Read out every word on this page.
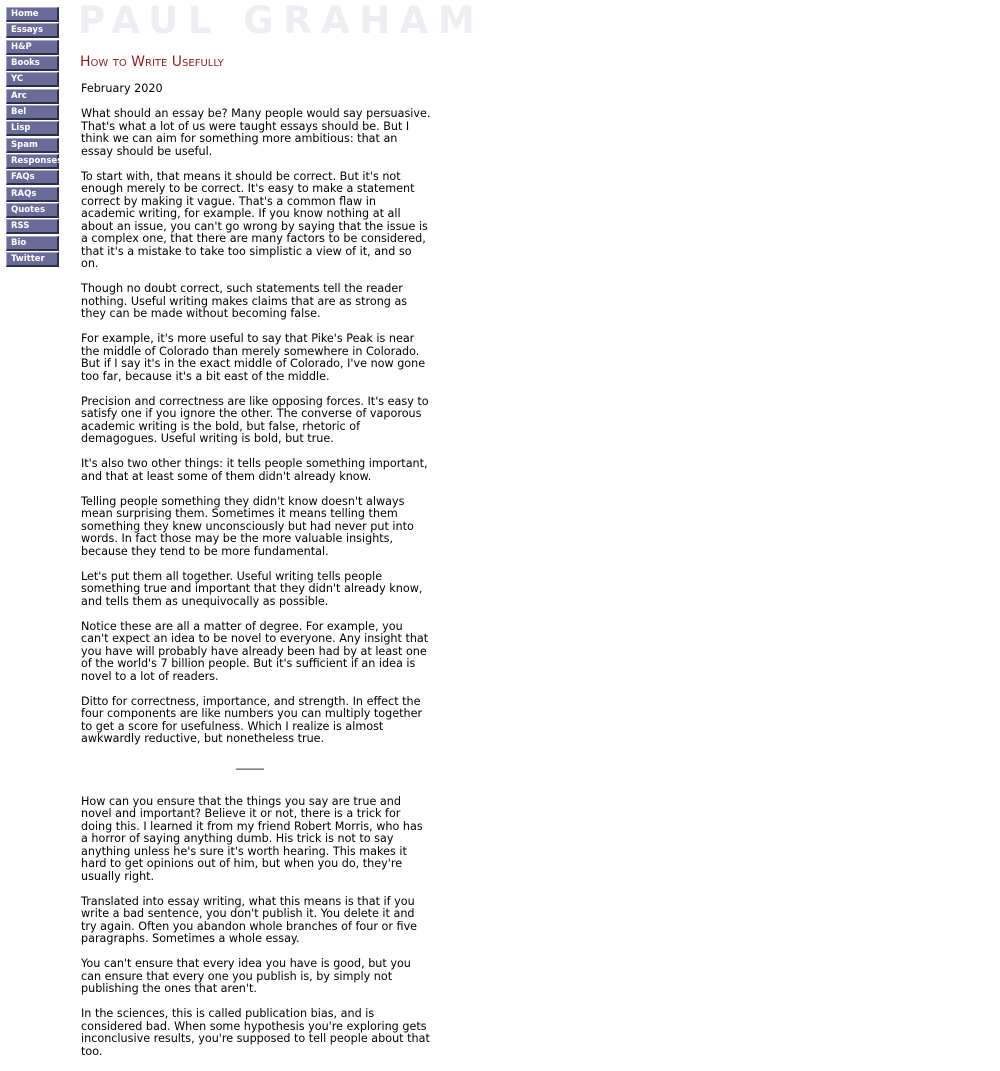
Home
Essays
H&P
Books
YC
Arc
Bel
Lisp
Spam
Responses
FAQs
RAQs
Quotes
RSS
Bio
Twitter
PAUL GRAHAM
How to Write Usefully

February 2020

What should an essay be? Many people would say persuasive. That's what a lot of us were taught essays should be. But I think we can aim for something more ambitious: that an essay should be useful.

To start with, that means it should be correct. But it's not enough merely to be correct. It's easy to make a statement correct by making it vague. That's a common flaw in academic writing, for example. If you know nothing at all about an issue, you can't go wrong by saying that the issue is a complex one, that there are many factors to be considered, that it's a mistake to take too simplistic a view of it, and so on.

Though no doubt correct, such statements tell the reader nothing. Useful writing makes claims that are as strong as they can be made without becoming false.

For example, it's more useful to say that Pike's Peak is near the middle of Colorado than merely somewhere in Colorado. But if I say it's in the exact middle of Colorado, I've now gone too far, because it's a bit east of the middle.

Precision and correctness are like opposing forces. It's easy to satisfy one if you ignore the other. The converse of vaporous academic writing is the bold, but false, rhetoric of demagogues. Useful writing is bold, but true.

It's also two other things: it tells people something important, and that at least some of them didn't already know.

Telling people something they didn't know doesn't always mean surprising them. Sometimes it means telling them something they knew unconsciously but had never put into words. In fact those may be the more valuable insights, because they tend to be more fundamental.

Let's put them all together. Useful writing tells people something true and important that they didn't already know, and tells them as unequivocally as possible.

Notice these are all a matter of degree. For example, you can't expect an idea to be novel to everyone. Any insight that you have will probably have already been had by at least one of the world's 7 billion people. But it's sufficient if an idea is novel to a lot of readers.

Ditto for correctness, importance, and strength. In effect the four components are like numbers you can multiply together to get a score for usefulness. Which I realize is almost awkwardly reductive, but nonetheless true.

_____

How can you ensure that the things you say are true and novel and important? Believe it or not, there is a trick for doing this. I learned it from my friend Robert Morris, who has a horror of saying anything dumb. His trick is not to say anything unless he's sure it's worth hearing. This makes it hard to get opinions out of him, but when you do, they're usually right.

Translated into essay writing, what this means is that if you write a bad sentence, you don't publish it. You delete it and try again. Often you abandon whole branches of four or five paragraphs. Sometimes a whole essay.

You can't ensure that every idea you have is good, but you can ensure that every one you publish is, by simply not publishing the ones that aren't.

In the sciences, this is called publication bias, and is considered bad. When some hypothesis you're exploring gets inconclusive results, you're supposed to tell people about that too.
